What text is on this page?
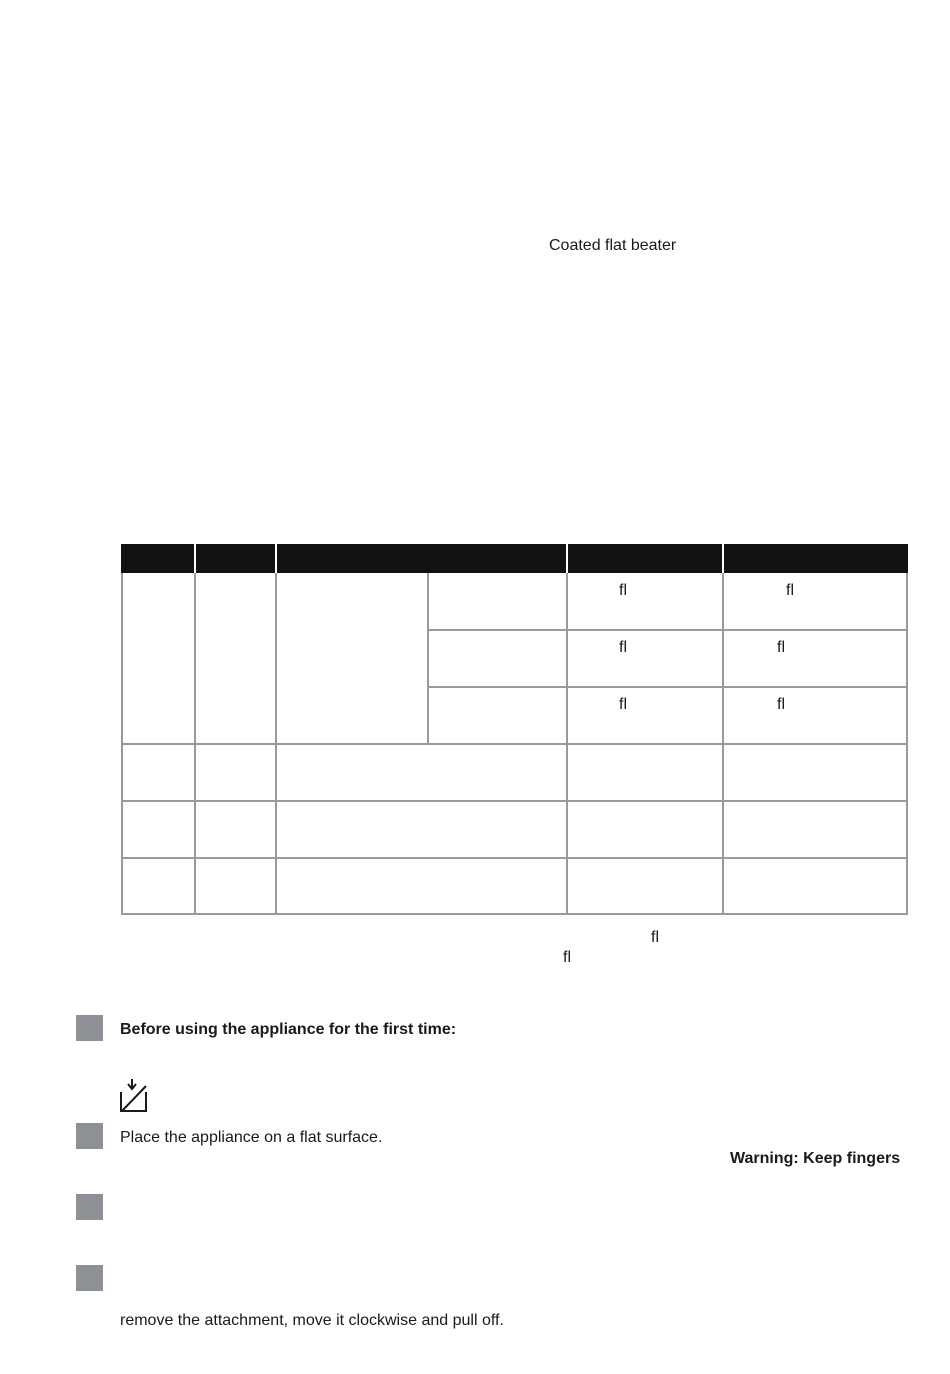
Coated flat beater
fl	fl
fl	fl
fl	fl
fl
fl
Before using the appliance for the first time:
Place the appliance on a flat surface.
Warning: Keep fingers
remove the attachment, move it clockwise and pull off.
